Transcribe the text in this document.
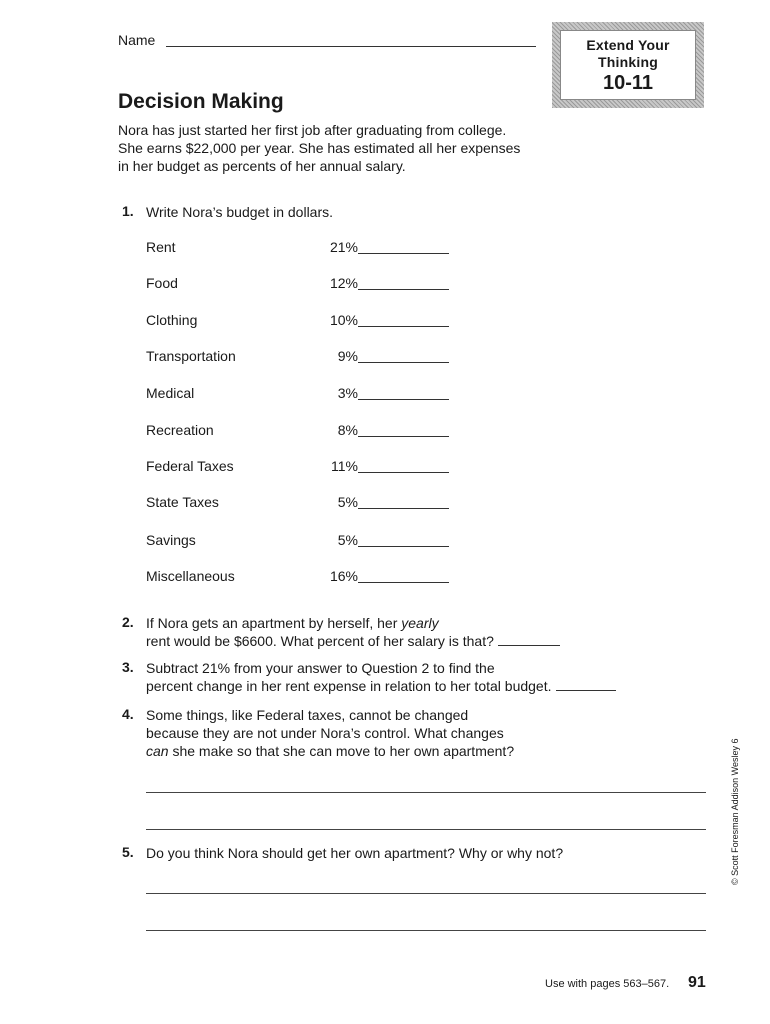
Name	Extend Your
Thinking
10-11
Decision Making
Nora has just started her first job after graduating from college.
She earns $22,000 per year. She has estimated all her expenses
in her budget as percents of her annual salary.
1. Write Nora’s budget in dollars.
Rent	21%
Food	12%
Clothing	10%
Transportation	9%
Medical	3%
Recreation	8%
Federal Taxes	11%
State Taxes	5%
Savings	5%
Miscellaneous	16%
2. If Nora gets an apartment by herself, her yearly
rent would be $6600. What percent of her salary is that?
3. Subtract 21% from your answer to Question 2 to find the
percent change in her rent expense in relation to her total budget.
4. Some things, like Federal taxes, cannot be changed
because they are not under Nora’s control. What changes
can she make so that she can move to her own apartment?
5. Do you think Nora should get her own apartment? Why or why not?	© Scott Foresman Addison Wesley 6
Use with pages 563–567. 91
